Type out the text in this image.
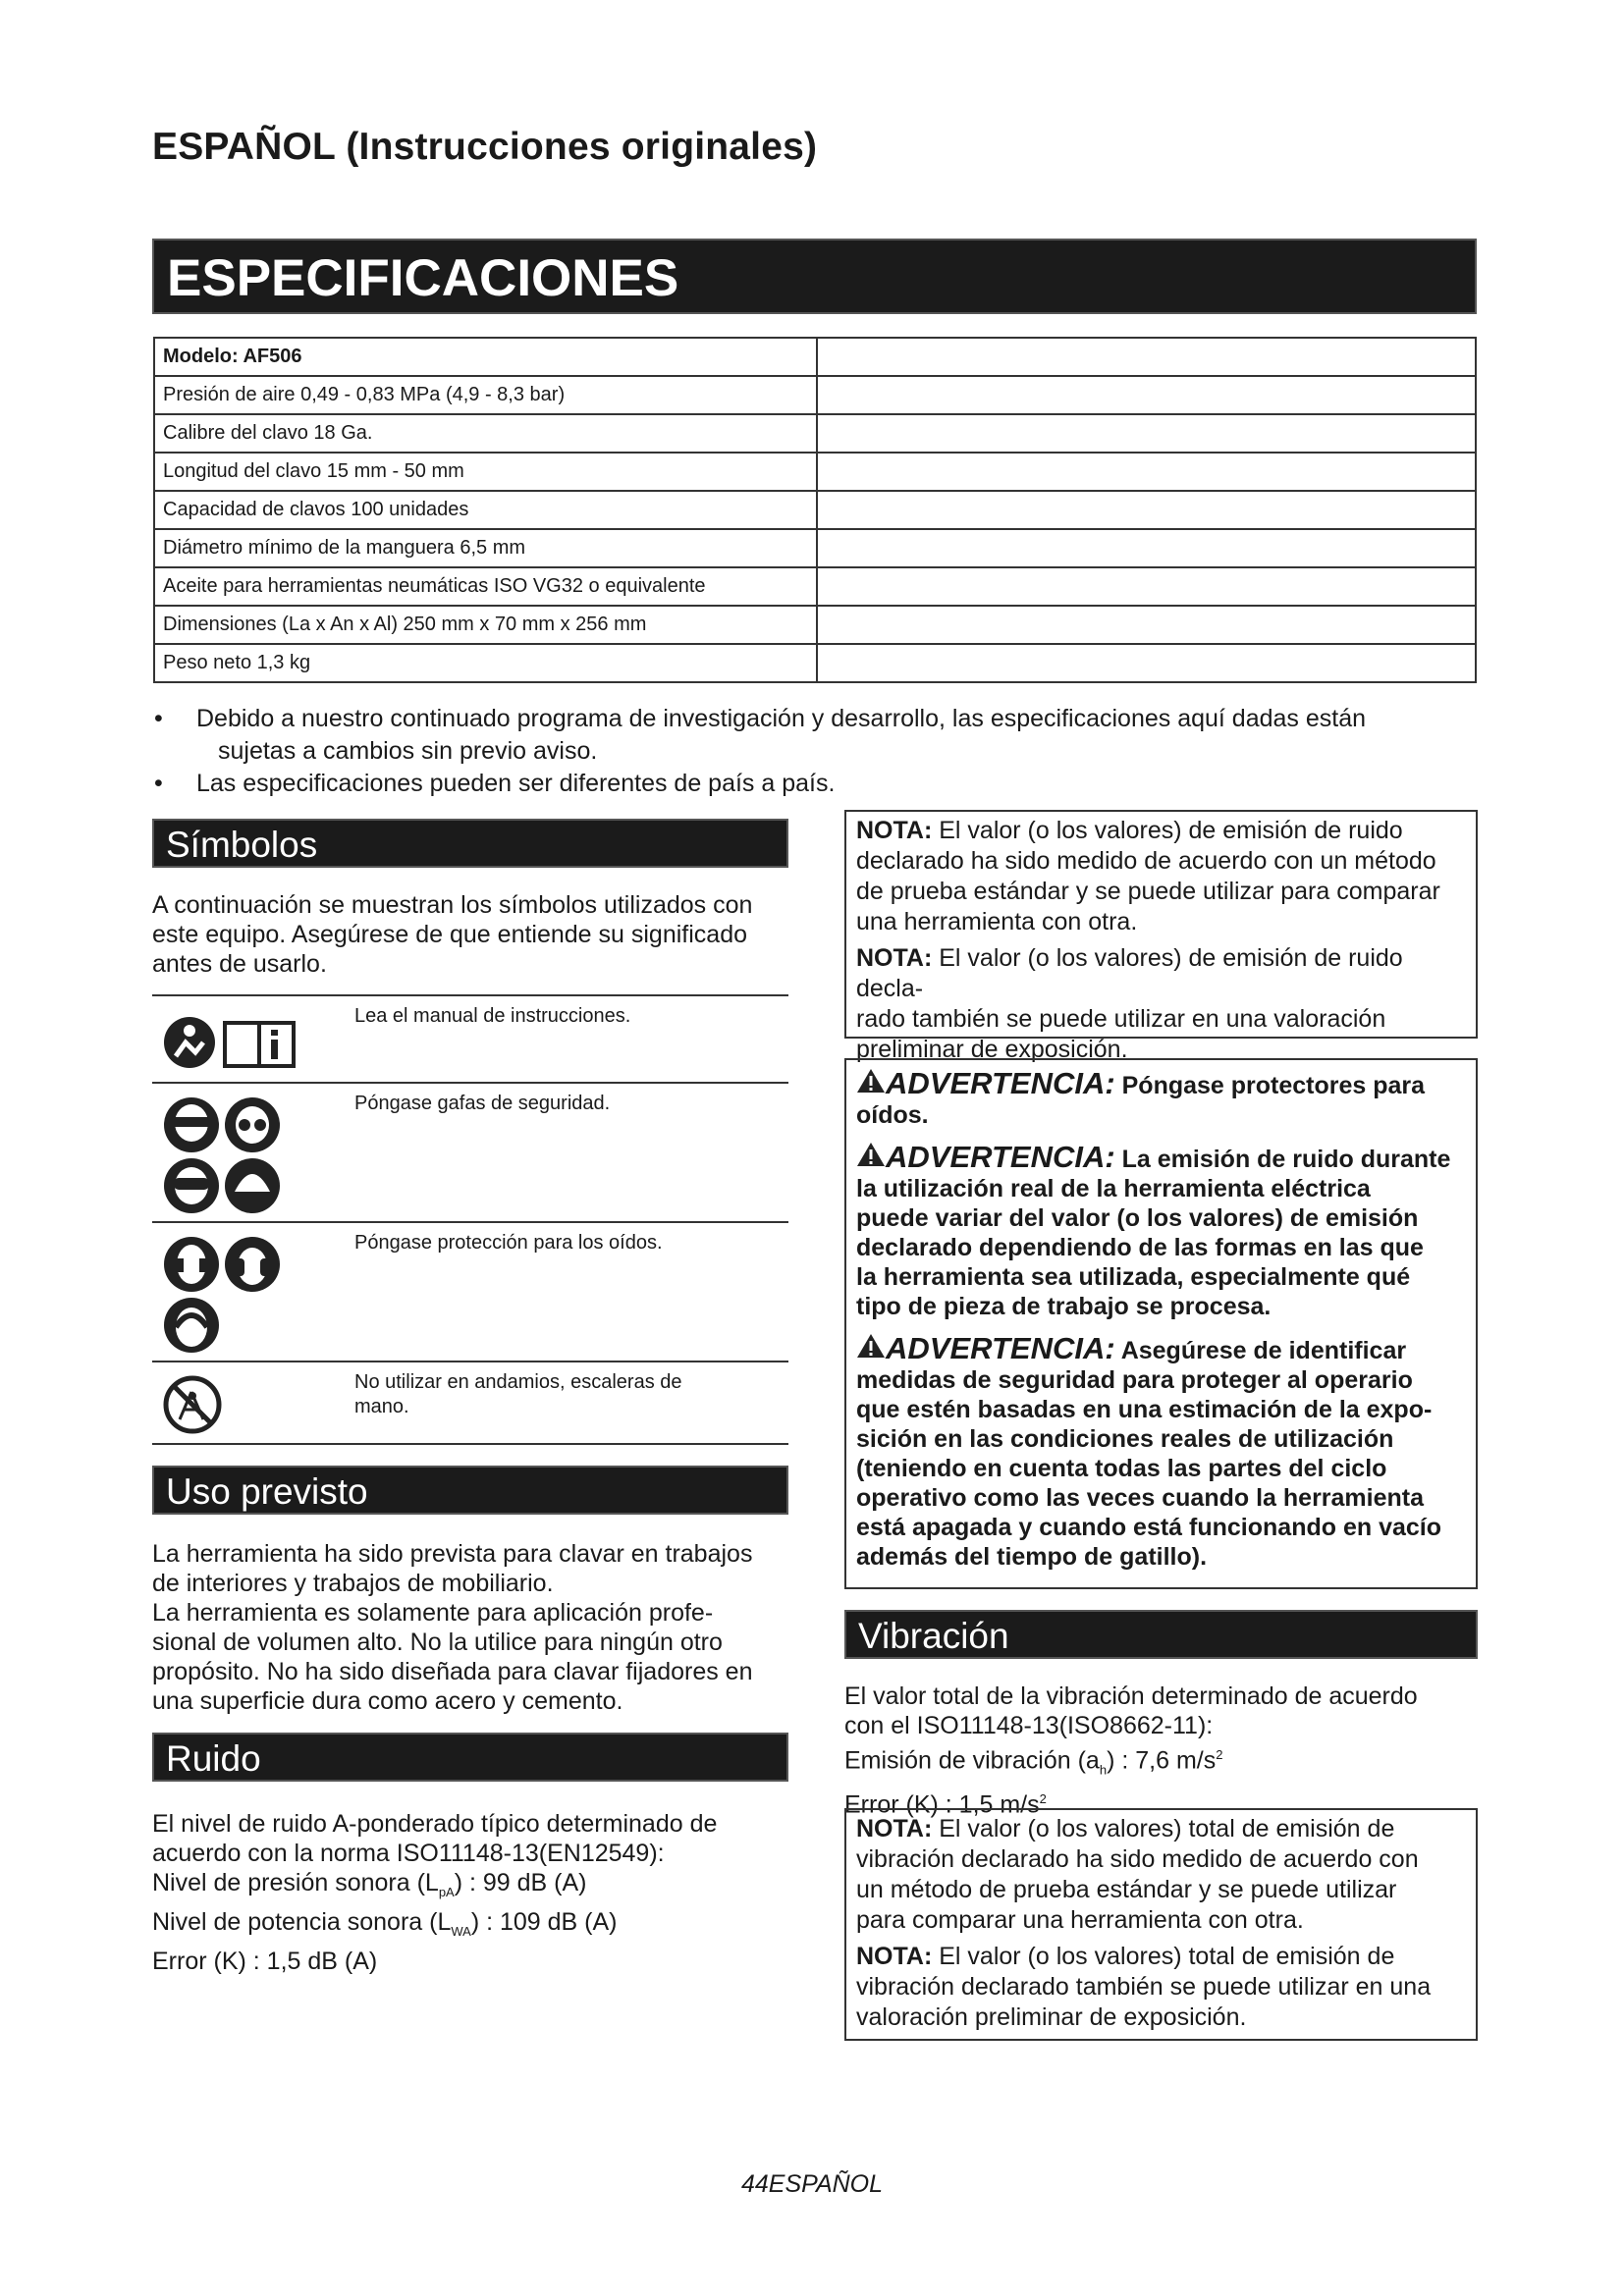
ESPAÑOL (Instrucciones originales)
ESPECIFICACIONES
Modelo: AF506	
Presión de aire 0,49 - 0,83 MPa (4,9 - 8,3 bar)	
Calibre del clavo 18 Ga.	
Longitud del clavo 15 mm - 50 mm	
Capacidad de clavos 100 unidades	
Diámetro mínimo de la manguera 6,5 mm	
Aceite para herramientas neumáticas ISO VG32 o equivalente	
Dimensiones (La x An x Al) 250 mm x 70 mm x 256 mm	
Peso neto 1,3 kg	
• Debido a nuestro continuado programa de investigación y desarrollo, las especificaciones aquí dadas están
sujetas a cambios sin previo aviso.
• Las especificaciones pueden ser diferentes de país a país.
Símbolos
A continuación se muestran los símbolos utilizados con
este equipo. Asegúrese de que entiende su significado
antes de usarlo.
Lea el manual de instrucciones.
Póngase gafas de seguridad.
Póngase protección para los oídos.
No utilizar en andamios, escaleras de
mano.
Uso previsto
La herramienta ha sido prevista para clavar en trabajos
de interiores y trabajos de mobiliario.
La herramienta es solamente para aplicación profe-
sional de volumen alto. No la utilice para ningún otro
propósito. No ha sido diseñada para clavar fijadores en
una superficie dura como acero y cemento.
Ruido
El nivel de ruido A-ponderado típico determinado de
acuerdo con la norma ISO11148-13(EN12549):
Nivel de presión sonora $(L_{pA})$ : 99 dB (A)
Nivel de potencia sonora $(L_{WA})$ : 109 dB (A)
Error (K) : 1,5 dB (A)
NOTA: El valor (o los valores) de emisión de ruido
declarado ha sido medido de acuerdo con un método
de prueba estándar y se puede utilizar para comparar
una herramienta con otra.
NOTA: El valor (o los valores) de emisión de ruido decla-
rado también se puede utilizar en una valoración
preliminar de exposición.

ADVERTENCIA: Póngase protectores para
oídos.

ADVERTENCIA: La emisión de ruido durante
la utilización real de la herramienta eléctrica
puede variar del valor (o los valores) de emisión
declarado dependiendo de las formas en las que
la herramienta sea utilizada, especialmente qué
tipo de pieza de trabajo se procesa.

ADVERTENCIA: Asegúrese de identificar
medidas de seguridad para proteger al operario
que estén basadas en una estimación de la expo-
sición en las condiciones reales de utilización
(teniendo en cuenta todas las partes del ciclo
operativo como las veces cuando la herramienta
está apagada y cuando está funcionando en vacío
además del tiempo de gatillo).

Vibración
El valor total de la vibración determinado de acuerdo
con el ISO11148-13(ISO8662-11):
Emisión de vibración $(a_h)$ : 7,6 $m/s^2$
Error (K) : 1,5 $m/s^2$
NOTA: El valor (o los valores) total de emisión de
vibración declarado ha sido medido de acuerdo con
un método de prueba estándar y se puede utilizar
para comparar una herramienta con otra.
NOTA: El valor (o los valores) total de emisión de
vibración declarado también se puede utilizar en una
valoración preliminar de exposición.
44ESPAÑOL
